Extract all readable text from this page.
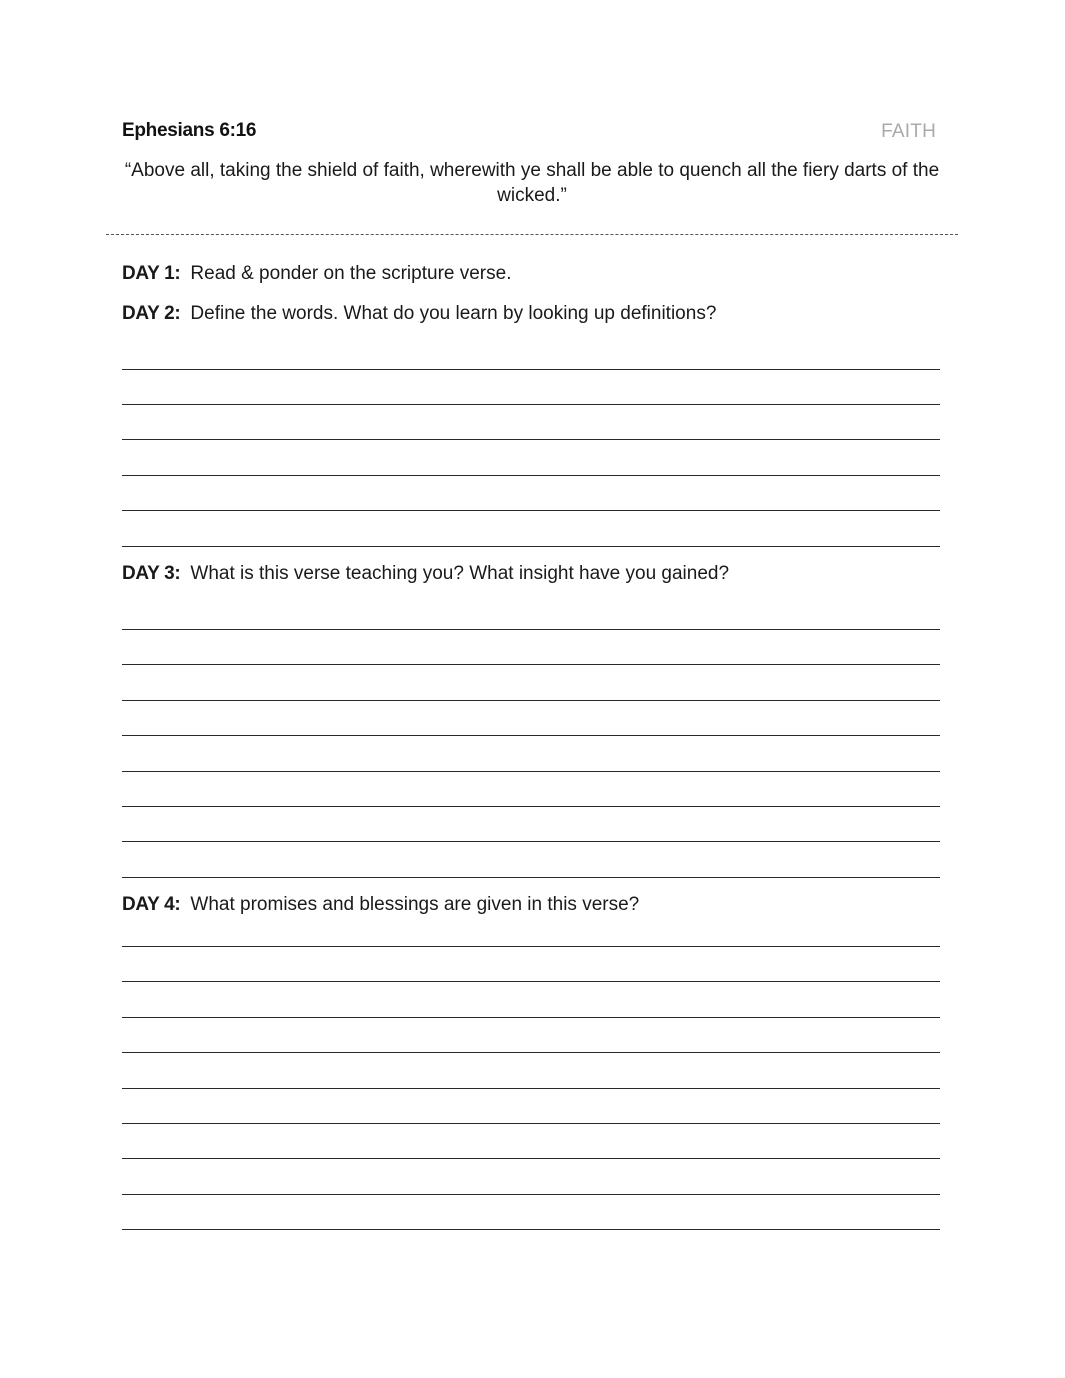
Ephesians 6:16	FAITH
“Above all, taking the shield of faith, wherewith ye shall be able to quench all the fiery darts of the wicked.”
DAY 1: Read & ponder on the scripture verse.
DAY 2: Define the words. What do you learn by looking up definitions?
DAY 3: What is this verse teaching you? What insight have you gained?
DAY 4: What promises and blessings are given in this verse?
